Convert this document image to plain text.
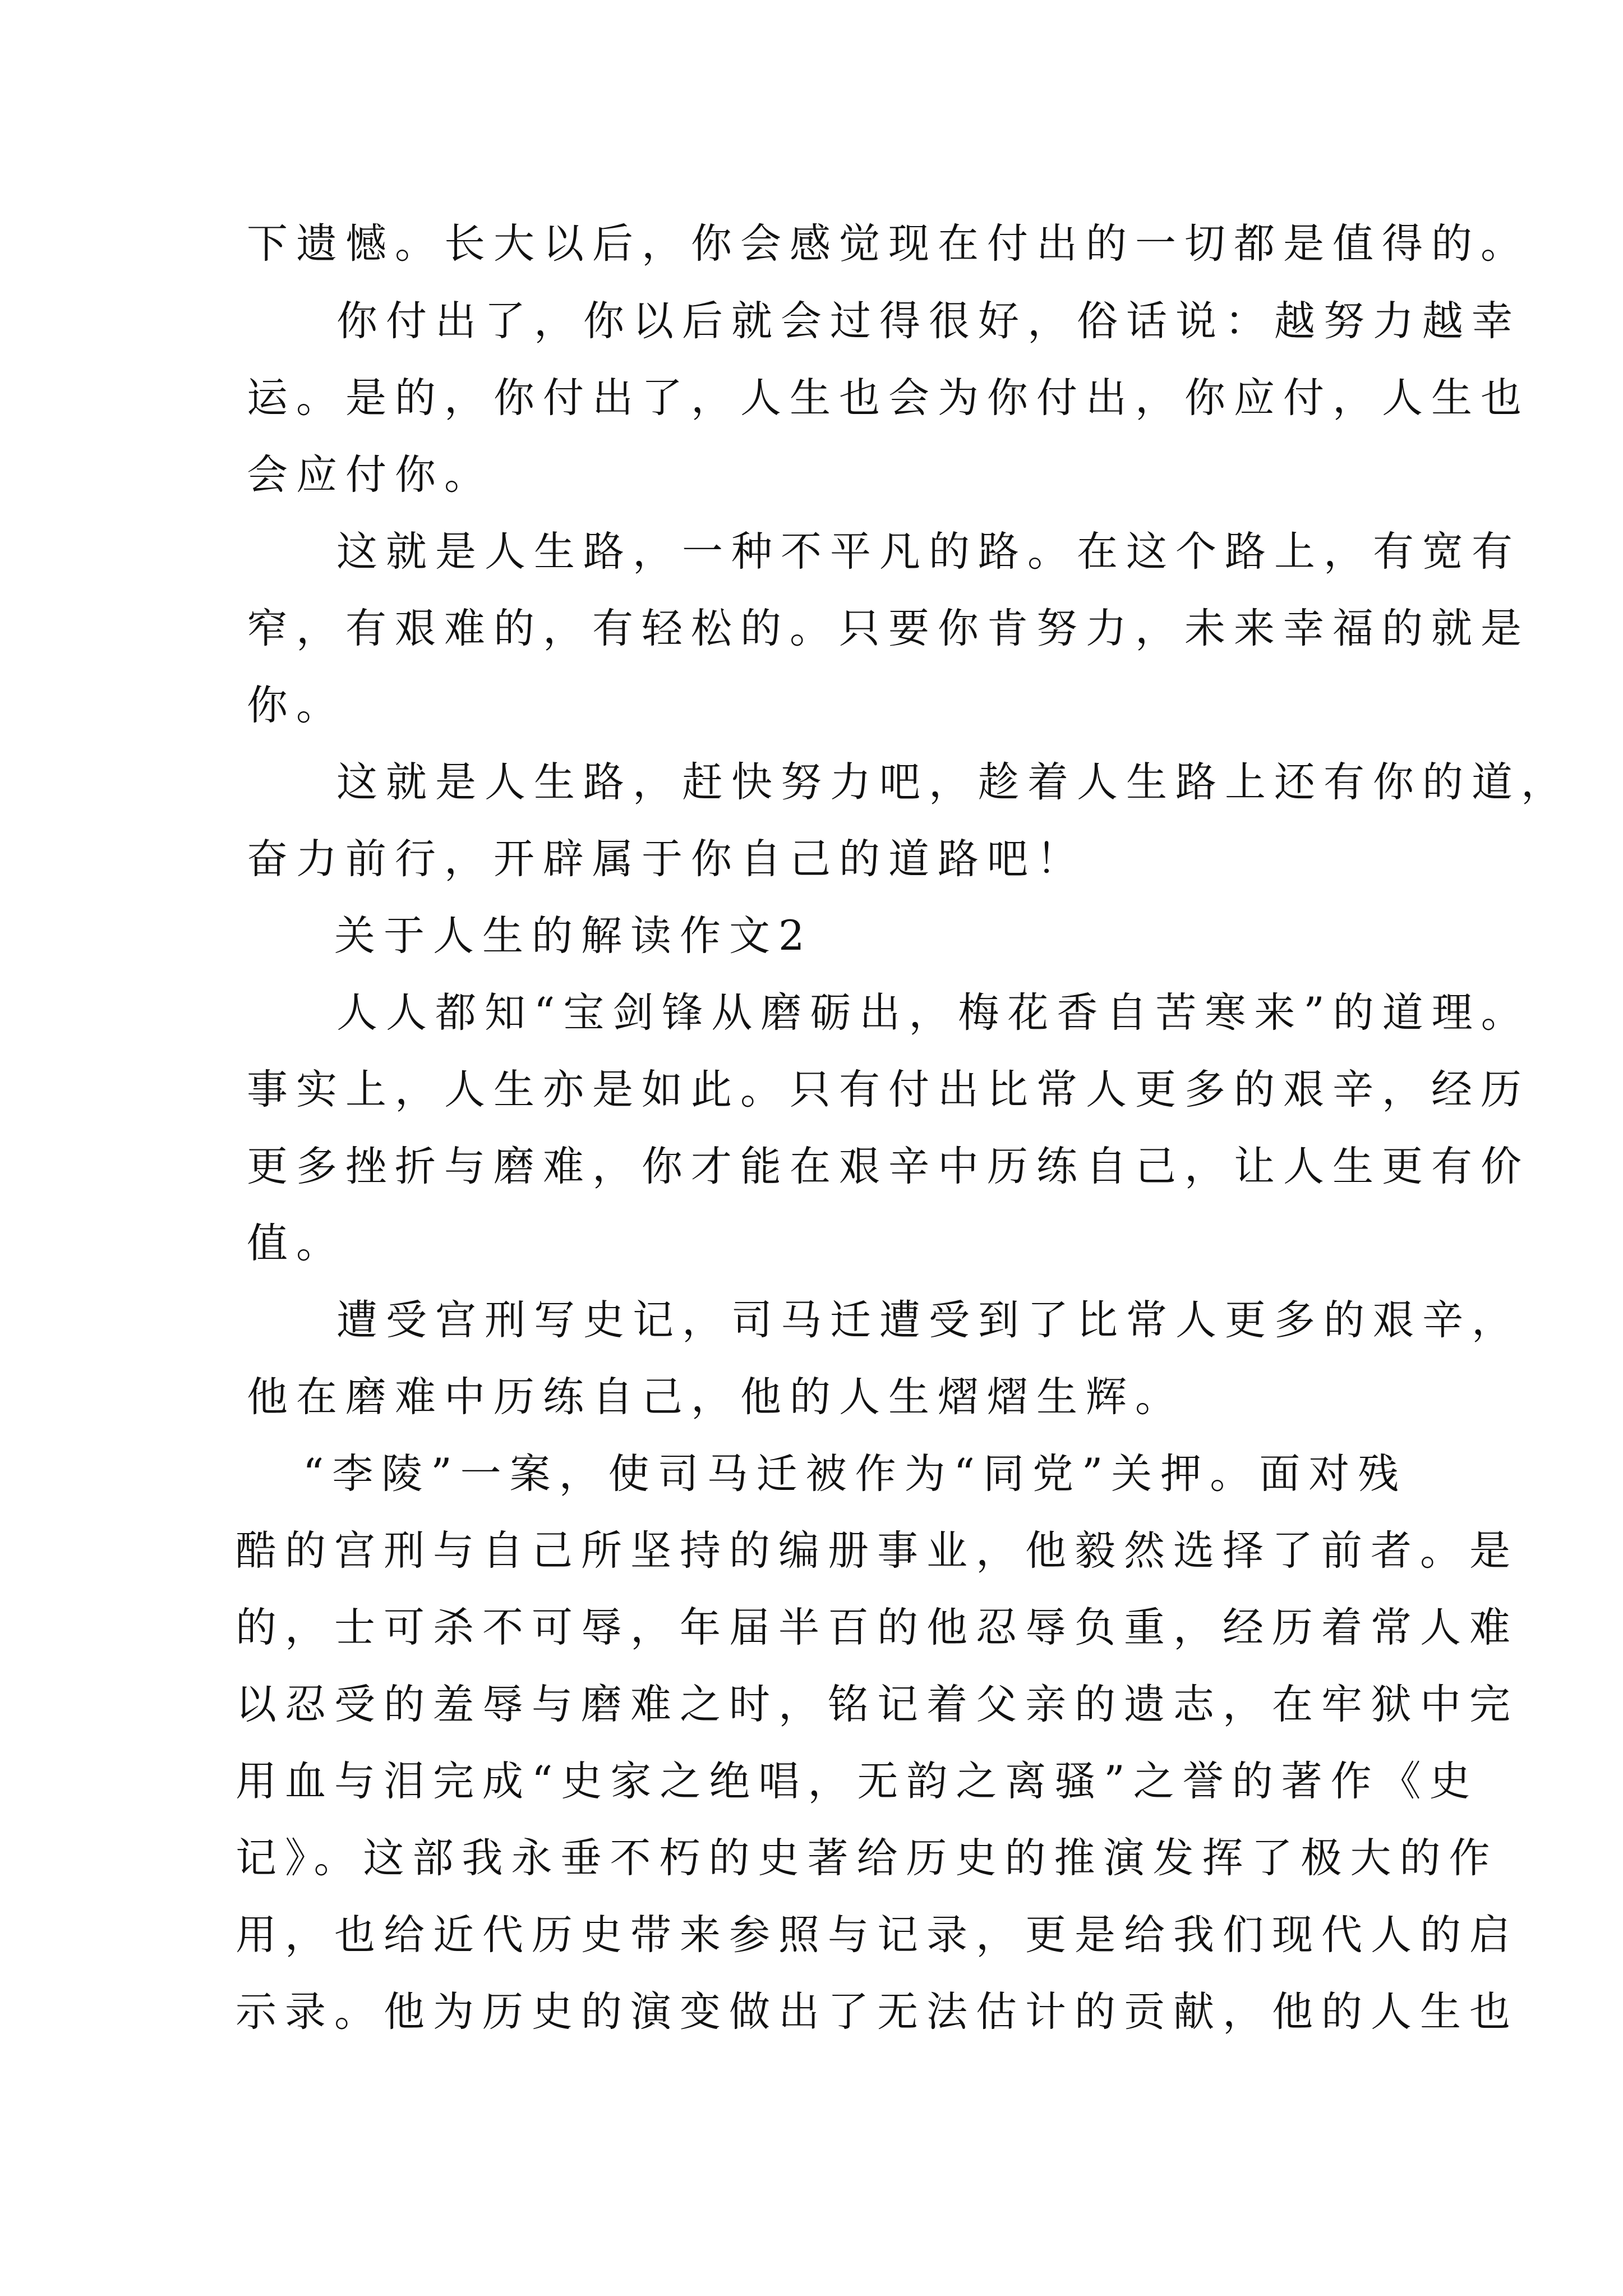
下遗憾。长大以后，你会感觉现在付出的一切都是值得的。
你付出了，你以后就会过得很好，俗话说：越努力越幸
运。是的，你付出了，人生也会为你付出，你应付，人生也
会应付你。
这就是人生路，一种不平凡的路。在这个路上，有宽有
窄，有艰难的，有轻松的。只要你肯努力，未来幸福的就是
你。
这就是人生路，赶快努力吧，趁着人生路上还有你的道，
奋力前行，开辟属于你自己的道路吧！
关于人生的解读作文2
人人都知“宝剑锋从磨砺出，梅花香自苦寒来”的道理。
事实上，人生亦是如此。只有付出比常人更多的艰辛，经历
更多挫折与磨难，你才能在艰辛中历练自己，让人生更有价
值。
遭受宫刑写史记，司马迁遭受到了比常人更多的艰辛，
他在磨难中历练自己，他的人生熠熠生辉。
“李陵”一案，使司马迁被作为“同党”关押。面对残
酷的宫刑与自己所坚持的编册事业，他毅然选择了前者。是
的，士可杀不可辱，年届半百的他忍辱负重，经历着常人难
以忍受的羞辱与磨难之时，铭记着父亲的遗志，在牢狱中完
用血与泪完成“史家之绝唱，无韵之离骚”之誉的著作《史
记》。这部我永垂不朽的史著给历史的推演发挥了极大的作
用，也给近代历史带来参照与记录，更是给我们现代人的启
示录。他为历史的演变做出了无法估计的贡献，他的人生也
